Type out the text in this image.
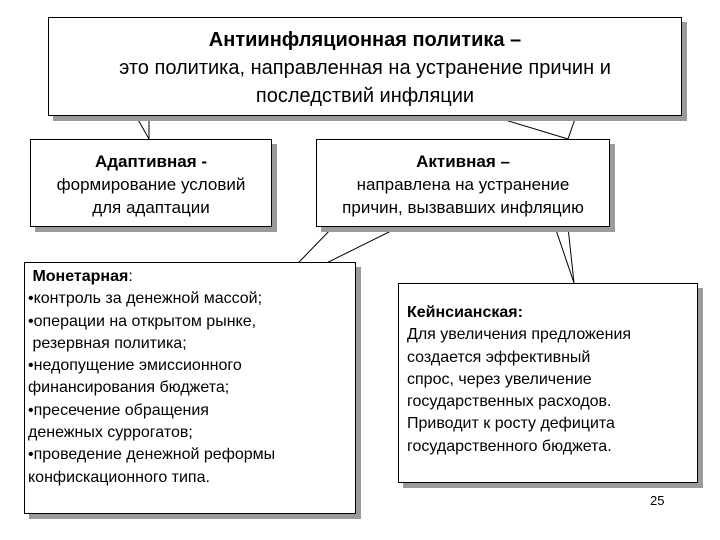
Антиинфляционная политика –
это политика, направленная на устранение причин и
последствий инфляции
Адаптивная -
формирование условий
для адаптации
Активная –
направлена на устранение
причин, вызвавших инфляцию
Монетарная:
•контроль за денежной массой;
•операции на открытом рынке,
резервная политика;
•недопущение эмиссионного
финансирования бюджета;
•пресечение обращения
денежных суррогатов;
•проведение денежной реформы
конфискационного типа.
Кейнсианская:
Для увеличения предложения
создается эффективный
спрос, через увеличение
государственных расходов.
Приводит к росту дефицита
государственного бюджета.
25
